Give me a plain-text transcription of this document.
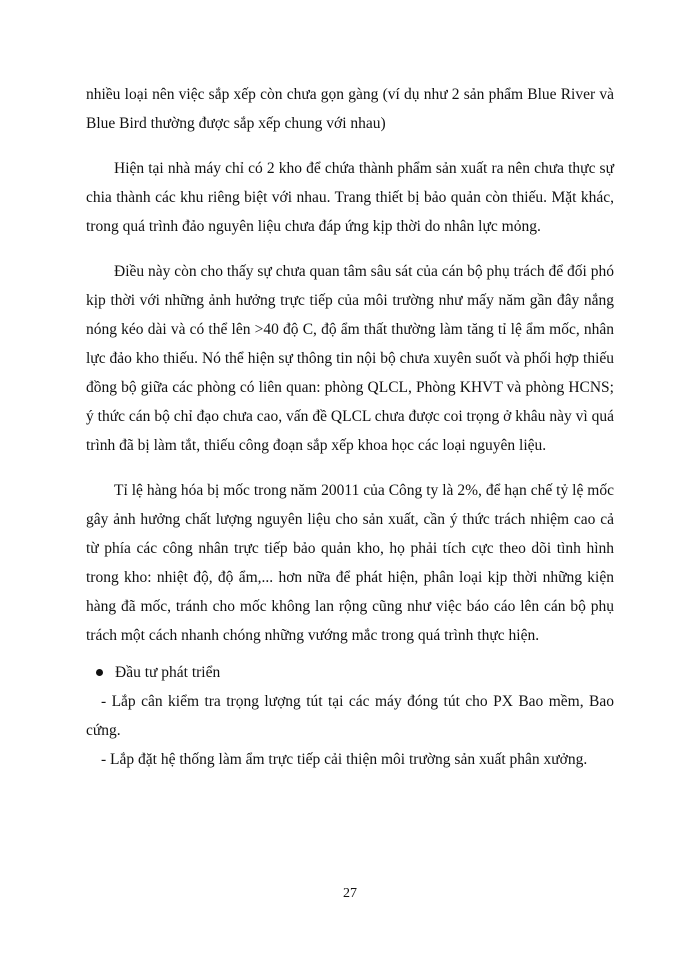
nhiều loại nên việc sắp xếp còn chưa gọn gàng (ví dụ như 2 sản phẩm Blue River và Blue Bird thường được sắp xếp chung với nhau)

Hiện tại nhà máy chỉ có 2 kho để chứa thành phẩm sản xuất ra nên chưa thực sự chia thành các khu riêng biệt với nhau. Trang thiết bị bảo quản còn thiếu. Mặt khác, trong quá trình đảo nguyên liệu chưa đáp ứng kịp thời do nhân lực mỏng.

Điều này còn cho thấy sự chưa quan tâm sâu sát của cán bộ phụ trách để đối phó kịp thời với những ảnh hưởng trực tiếp của môi trường như mấy năm gần đây nắng nóng kéo dài và có thể lên >40 độ C, độ ẩm thất thường làm tăng tỉ lệ ẩm mốc, nhân lực đảo kho thiếu. Nó thể hiện sự thông tin nội bộ chưa xuyên suốt và phối hợp thiếu đồng bộ giữa các phòng có liên quan: phòng QLCL, Phòng KHVT và phòng HCNS; ý thức cán bộ chỉ đạo chưa cao, vấn đề QLCL chưa được coi trọng ở khâu này vì quá trình đã bị làm tắt, thiếu công đoạn sắp xếp khoa học các loại nguyên liệu.

Tỉ lệ hàng hóa bị mốc trong năm 20011 của Công ty là 2%, để hạn chế tỷ lệ mốc gây ảnh hưởng chất lượng nguyên liệu cho sản xuất, cần ý thức trách nhiệm cao cả từ phía các công nhân trực tiếp bảo quản kho, họ phải tích cực theo dõi tình hình trong kho: nhiệt độ, độ ẩm,... hơn nữa để phát hiện, phân loại kịp thời những kiện hàng đã mốc, tránh cho mốc không lan rộng cũng như việc báo cáo lên cán bộ phụ trách một cách nhanh chóng những vướng mắc trong quá trình thực hiện.

Đầu tư phát triển

- Lắp cân kiểm tra trọng lượng tút tại các máy đóng tút cho PX Bao mềm, Bao cứng.

- Lắp đặt hệ thống làm ẩm trực tiếp cải thiện môi trường sản xuất phân xưởng.

27
